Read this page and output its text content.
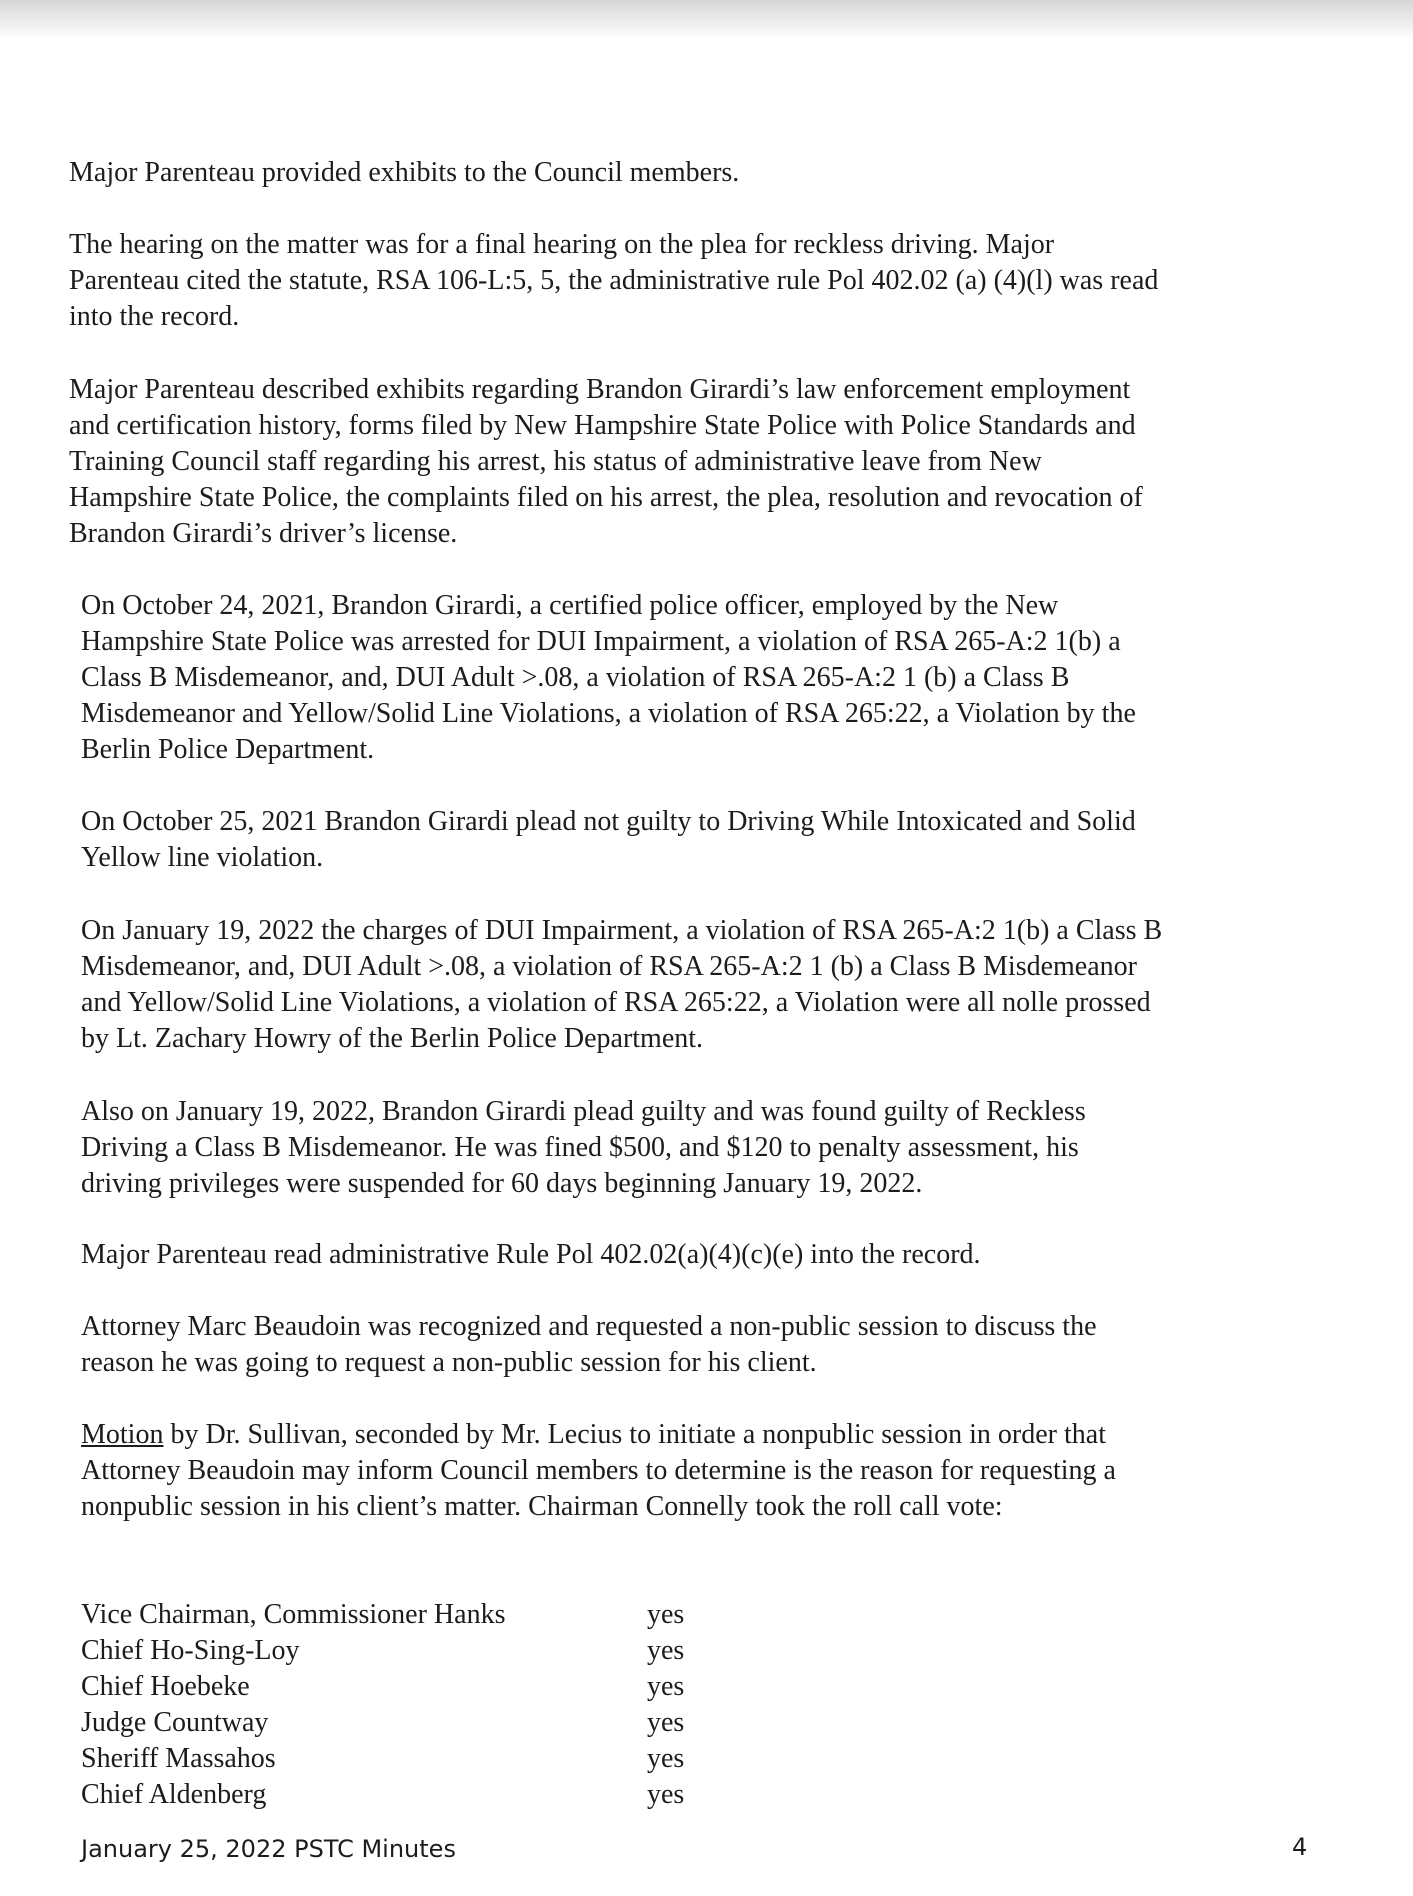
Major Parenteau provided exhibits to the Council members.

The hearing on the matter was for a final hearing on the plea for reckless driving. Major
Parenteau cited the statute, RSA 106-L:5, 5, the administrative rule Pol 402.02 (a) (4)(l) was read
into the record.

Major Parenteau described exhibits regarding Brandon Girardi’s law enforcement employment
and certification history, forms filed by New Hampshire State Police with Police Standards and
Training Council staff regarding his arrest, his status of administrative leave from New
Hampshire State Police, the complaints filed on his arrest, the plea, resolution and revocation of
Brandon Girardi’s driver’s license.

On October 24, 2021, Brandon Girardi, a certified police officer, employed by the New
Hampshire State Police was arrested for DUI Impairment, a violation of RSA 265-A:2 1(b) a
Class B Misdemeanor, and, DUI Adult >.08, a violation of RSA 265-A:2 1 (b) a Class B
Misdemeanor and Yellow/Solid Line Violations, a violation of RSA 265:22, a Violation by the
Berlin Police Department.

On October 25, 2021 Brandon Girardi plead not guilty to Driving While Intoxicated and Solid
Yellow line violation.

On January 19, 2022 the charges of DUI Impairment, a violation of RSA 265-A:2 1(b) a Class B
Misdemeanor, and, DUI Adult >.08, a violation of RSA 265-A:2 1 (b) a Class B Misdemeanor
and Yellow/Solid Line Violations, a violation of RSA 265:22, a Violation were all nolle prossed
by Lt. Zachary Howry of the Berlin Police Department.

Also on January 19, 2022, Brandon Girardi plead guilty and was found guilty of Reckless
Driving a Class B Misdemeanor. He was fined $500, and $120 to penalty assessment, his
driving privileges were suspended for 60 days beginning January 19, 2022.

Major Parenteau read administrative Rule Pol 402.02(a)(4)(c)(e) into the record.

Attorney Marc Beaudoin was recognized and requested a non-public session to discuss the
reason he was going to request a non-public session for his client.

Motion by Dr. Sullivan, seconded by Mr. Lecius to initiate a nonpublic session in order that
Attorney Beaudoin may inform Council members to determine is the reason for requesting a
nonpublic session in his client’s matter. Chairman Connelly took the roll call vote:

Vice Chairman, Commissioner Hanks	yes
Chief Ho-Sing-Loy	yes
Chief Hoebeke	yes
Judge Countway	yes
Sheriff Massahos	yes
Chief Aldenberg	yes
January 25, 2022 PSTC Minutes	4
